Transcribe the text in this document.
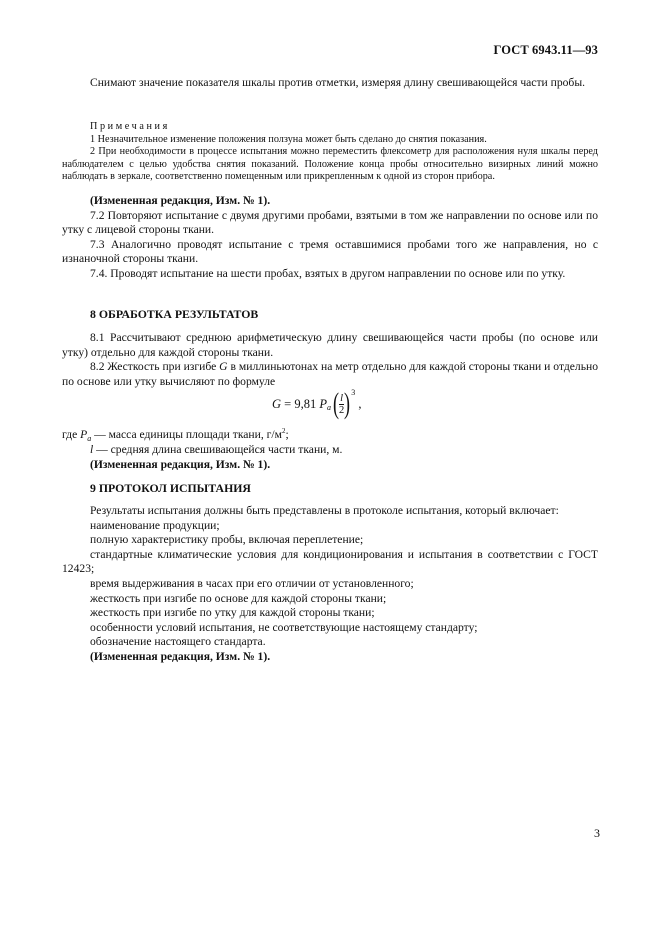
ГОСТ 6943.11—93

Снимают значение показателя шкалы против отметки, измеряя длину свешивающейся части пробы.

Примечания

1 Незначительное изменение положения ползуна может быть сделано до снятия показания.

2 При необходимости в процессе испытания можно переместить флексометр для расположения нуля шкалы перед наблюдателем с целью удобства снятия показаний. Положение конца пробы относительно визирных линий можно наблюдать в зеркале, соответственно помещенным или прикрепленным к одной из сторон прибора.

(Измененная редакция, Изм. № 1).

7.2 Повторяют испытание с двумя другими пробами, взятыми в том же направлении по основе или по утку с лицевой стороны ткани.

7.3 Аналогично проводят испытание с тремя оставшимися пробами того же направления, но с изнаночной стороны ткани.

7.4. Проводят испытание на шести пробах, взятых в другом направлении по основе или по утку.

8 ОБРАБОТКА РЕЗУЛЬТАТОВ

8.1 Рассчитывают среднюю арифметическую длину свешивающейся части пробы (по основе или утку) отдельно для каждой стороны ткани.

8.2 Жесткость при изгибе G в миллиньютонах на метр отдельно для каждой стороны ткани и отдельно по основе или утку вычисляют по формуле

G = 9,81 P a ( $\frac{l}{2}$ ) 3
,

где $P_a$ — масса единицы площади ткани, $г/м^2$;

l — средняя длина свешивающейся части ткани, м.

(Измененная редакция, Изм. № 1).

9 ПРОТОКОЛ ИСПЫТАНИЯ

Результаты испытания должны быть представлены в протоколе испытания, который включает:

наименование продукции;

полную характеристику пробы, включая переплетение;

стандартные климатические условия для кондиционирования и испытания в соответствии с ГОСТ 12423;

время выдерживания в часах при его отличии от установленного;

жесткость при изгибе по основе для каждой стороны ткани;

жесткость при изгибе по утку для каждой стороны ткани;

особенности условий испытания, не соответствующие настоящему стандарту;

обозначение настоящего стандарта.

(Измененная редакция, Изм. № 1).

3
